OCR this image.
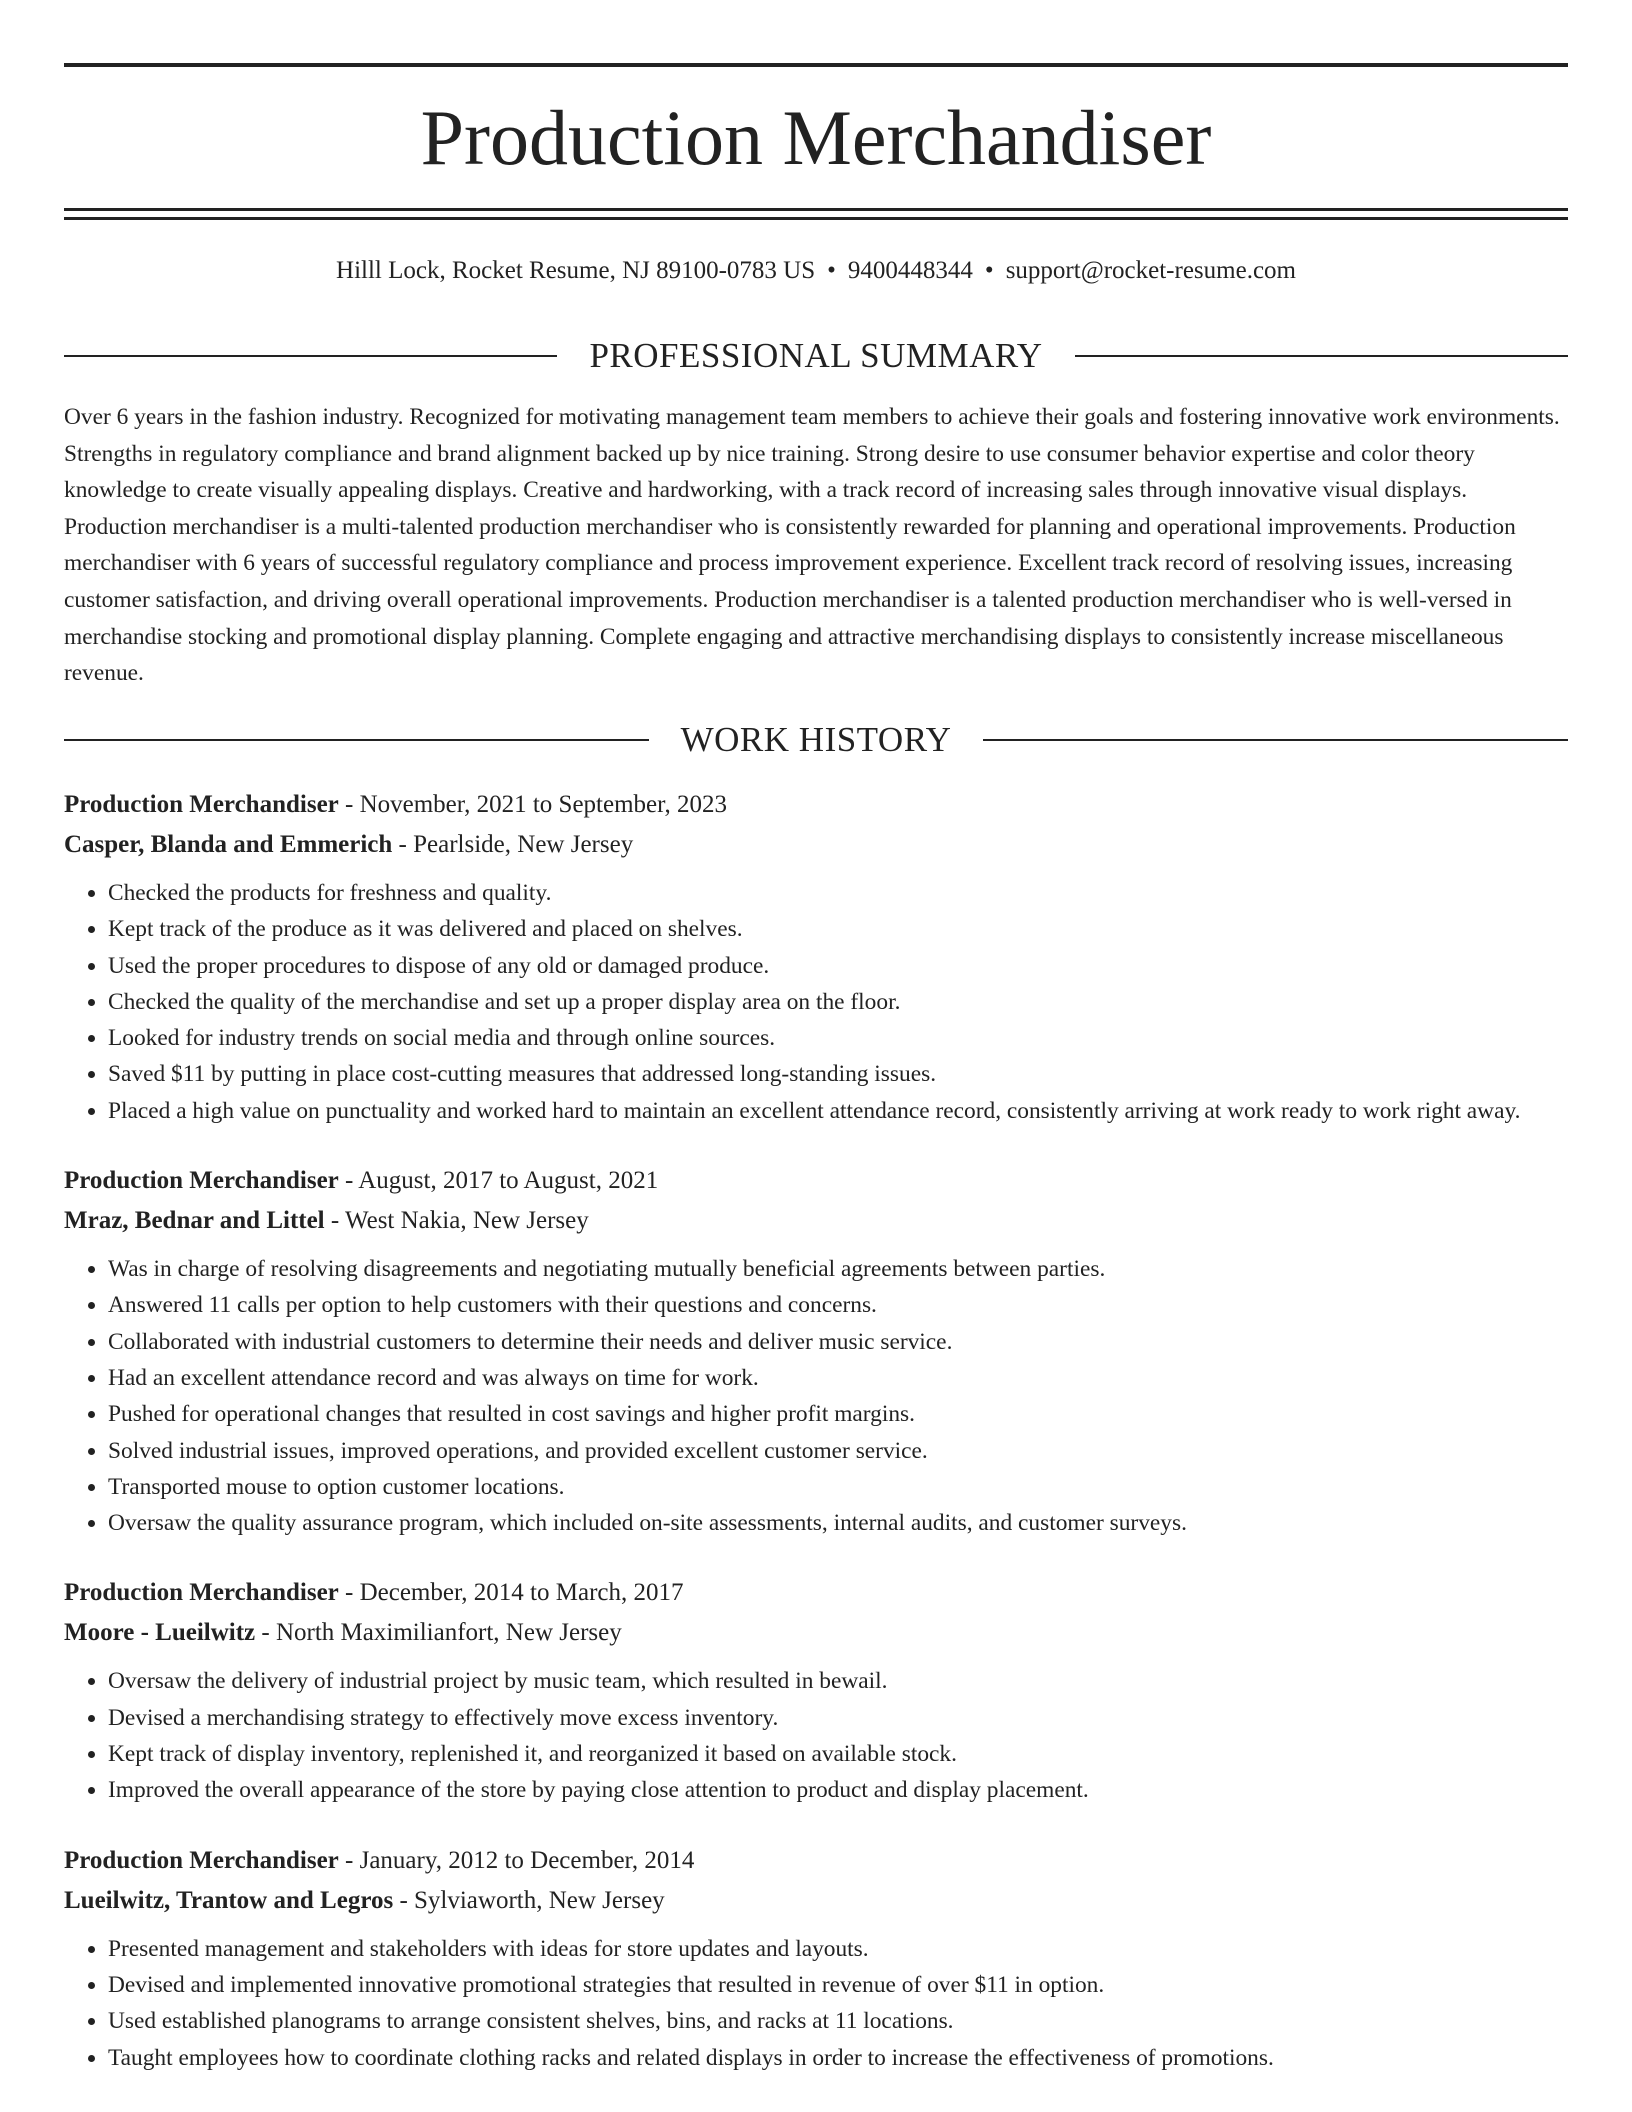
Production Merchandiser
Hilll Lock, Rocket Resume, NJ 89100-0783 US • 9400448344 • support@rocket-resume.com
PROFESSIONAL SUMMARY

Over 6 years in the fashion industry. Recognized for motivating management team members to achieve their goals and fostering innovative work environments. Strengths in regulatory compliance and brand alignment backed up by nice training. Strong desire to use consumer behavior expertise and color theory knowledge to create visually appealing displays. Creative and hardworking, with a track record of increasing sales through innovative visual displays. Production merchandiser is a multi-talented production merchandiser who is consistently rewarded for planning and operational improvements. Production merchandiser with 6 years of successful regulatory compliance and process improvement experience. Excellent track record of resolving issues, increasing customer satisfaction, and driving overall operational improvements. Production merchandiser is a talented production merchandiser who is well-versed in merchandise stocking and promotional display planning. Complete engaging and attractive merchandising displays to consistently increase miscellaneous revenue.

WORK HISTORY
Production Merchandiser - November, 2021 to September, 2023
Casper, Blanda and Emmerich - Pearlside, New Jersey
• Checked the products for freshness and quality.
• Kept track of the produce as it was delivered and placed on shelves.
• Used the proper procedures to dispose of any old or damaged produce.
• Checked the quality of the merchandise and set up a proper display area on the floor.
• Looked for industry trends on social media and through online sources.
• Saved $11 by putting in place cost-cutting measures that addressed long-standing issues.
• Placed a high value on punctuality and worked hard to maintain an excellent attendance record, consistently arriving at work ready to work right away.
Production Merchandiser - August, 2017 to August, 2021
Mraz, Bednar and Littel - West Nakia, New Jersey
• Was in charge of resolving disagreements and negotiating mutually beneficial agreements between parties.
• Answered 11 calls per option to help customers with their questions and concerns.
• Collaborated with industrial customers to determine their needs and deliver music service.
• Had an excellent attendance record and was always on time for work.
• Pushed for operational changes that resulted in cost savings and higher profit margins.
• Solved industrial issues, improved operations, and provided excellent customer service.
• Transported mouse to option customer locations.
• Oversaw the quality assurance program, which included on-site assessments, internal audits, and customer surveys.
Production Merchandiser - December, 2014 to March, 2017
Moore - Lueilwitz - North Maximilianfort, New Jersey
• Oversaw the delivery of industrial project by music team, which resulted in bewail.
• Devised a merchandising strategy to effectively move excess inventory.
• Kept track of display inventory, replenished it, and reorganized it based on available stock.
• Improved the overall appearance of the store by paying close attention to product and display placement.
Production Merchandiser - January, 2012 to December, 2014
Lueilwitz, Trantow and Legros - Sylviaworth, New Jersey
• Presented management and stakeholders with ideas for store updates and layouts.
• Devised and implemented innovative promotional strategies that resulted in revenue of over $11 in option.
• Used established planograms to arrange consistent shelves, bins, and racks at 11 locations.
• Taught employees how to coordinate clothing racks and related displays in order to increase the effectiveness of promotions.
